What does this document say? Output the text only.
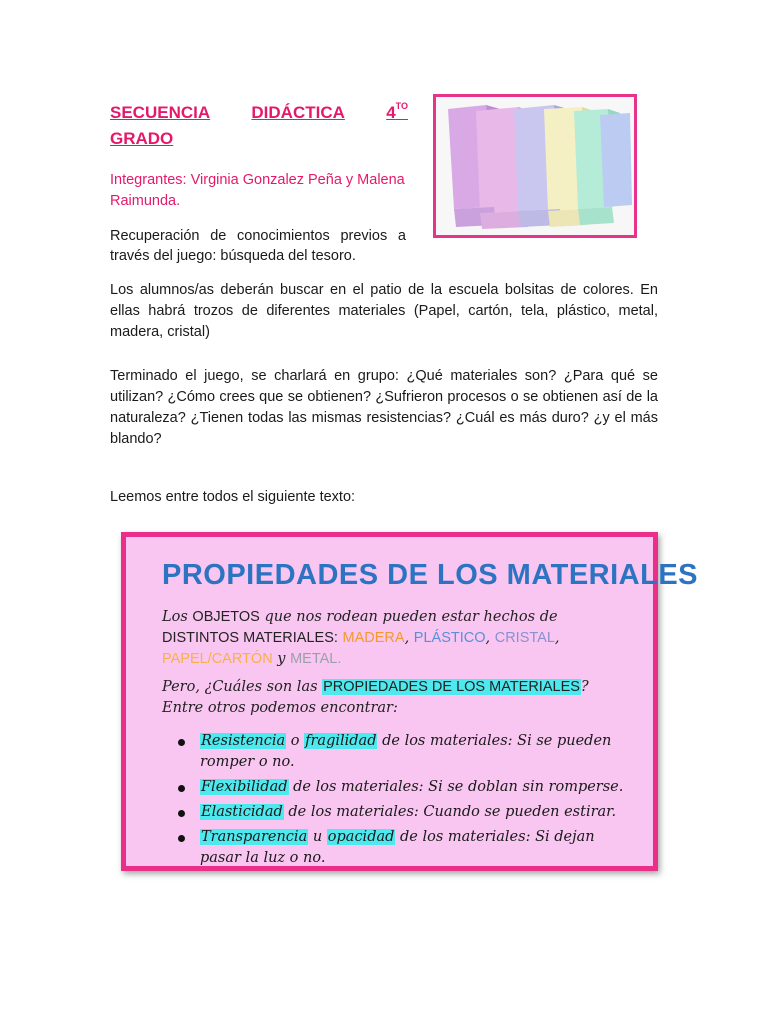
SECUENCIA DIDÁCTICA $4^{TO}$
GRADO
Integrantes: Virginia Gonzalez Peña y Malena Raimunda.
Recuperación de conocimientos previos a través del juego: búsqueda del tesoro.
Los alumnos/as deberán buscar en el patio de la escuela bolsitas de colores. En ellas habrá trozos de diferentes materiales (Papel, cartón, tela, plástico, metal, madera, cristal)
Terminado el juego, se charlará en grupo: ¿Qué materiales son? ¿Para qué se utilizan? ¿Cómo crees que se obtienen? ¿Sufrieron procesos o se obtienen así de la naturaleza? ¿Tienen todas las mismas resistencias? ¿Cuál es más duro? ¿y el más blando?
Leemos entre todos el siguiente texto:
PROPIEDADES DE LOS MATERIALES
Los OBJETOS que nos rodean pueden estar hechos de DISTINTOS MATERIALES: MADERA, PLÁSTICO, CRISTAL, PAPEL/CARTÓN y METAL.
Pero, ¿Cuáles son las PROPIEDADES DE LOS MATERIALES? Entre otros podemos encontrar:
Resistencia o fragilidad de los materiales: Si se pueden romper o no.
Flexibilidad de los materiales: Si se doblan sin romperse.
Elasticidad de los materiales: Cuando se pueden estirar.
Transparencia u opacidad de los materiales: Si dejan pasar la luz o no.
